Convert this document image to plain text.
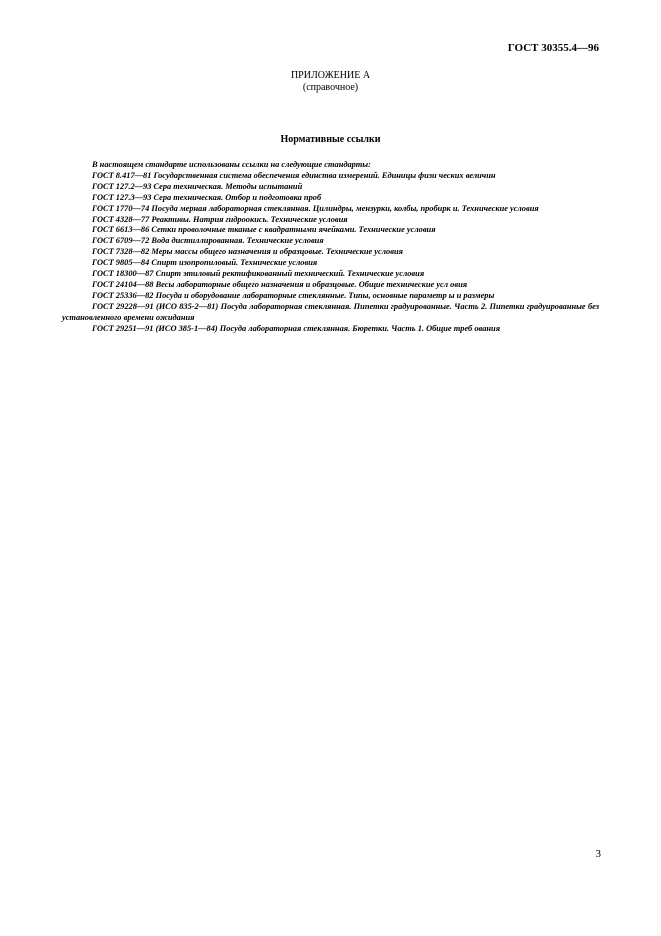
ГОСТ 30355.4—96
ПРИЛОЖЕНИЕ А
(справочное)
Нормативные ссылки

В настоящем стандарте использованы ссылки на следующие стандарты:

ГОСТ 8.417—81 Государственная система обеспечения единства измерений. Единицы физи ческих величин

ГОСТ 127.2—93 Сера техническая. Методы испытаний

ГОСТ 127.3—93 Сера техническая. Отбор и подготовка проб

ГОСТ 1770—74 Посуда мерная лабораторная стеклянная. Цилиндры, мензурки, колбы, пробирк и. Технические условия

ГОСТ 4328—77 Реактивы. Натрия гидроокись. Технические условия

ГОСТ 6613—86 Сетки проволочные тканые с квадратными ячейками. Технические условия

ГОСТ 6709—72 Вода дистиллированная. Технические условия

ГОСТ 7328—82 Меры массы общего назначения и образцовые. Технические условия

ГОСТ 9805—84 Спирт изопропиловый. Технические условия

ГОСТ 18300—87 Спирт этиловый ректификованный технический. Технические условия

ГОСТ 24104—88 Весы лабораторные общего назначения и образцовые. Общие технические усл овия

ГОСТ 25336—82 Посуда и оборудование лабораторные стеклянные. Типы, основные параметр ы и размеры

ГОСТ 29228—91 (ИСО 835-2—81) Посуда лабораторная стеклянная. Пипетки градуированные. Часть 2. Пипетки градуированные без установленного времени ожидания

ГОСТ 29251—91 (ИСО 385-1—84) Посуда лабораторная стеклянная. Бюретки. Часть 1. Общие треб ования

3
